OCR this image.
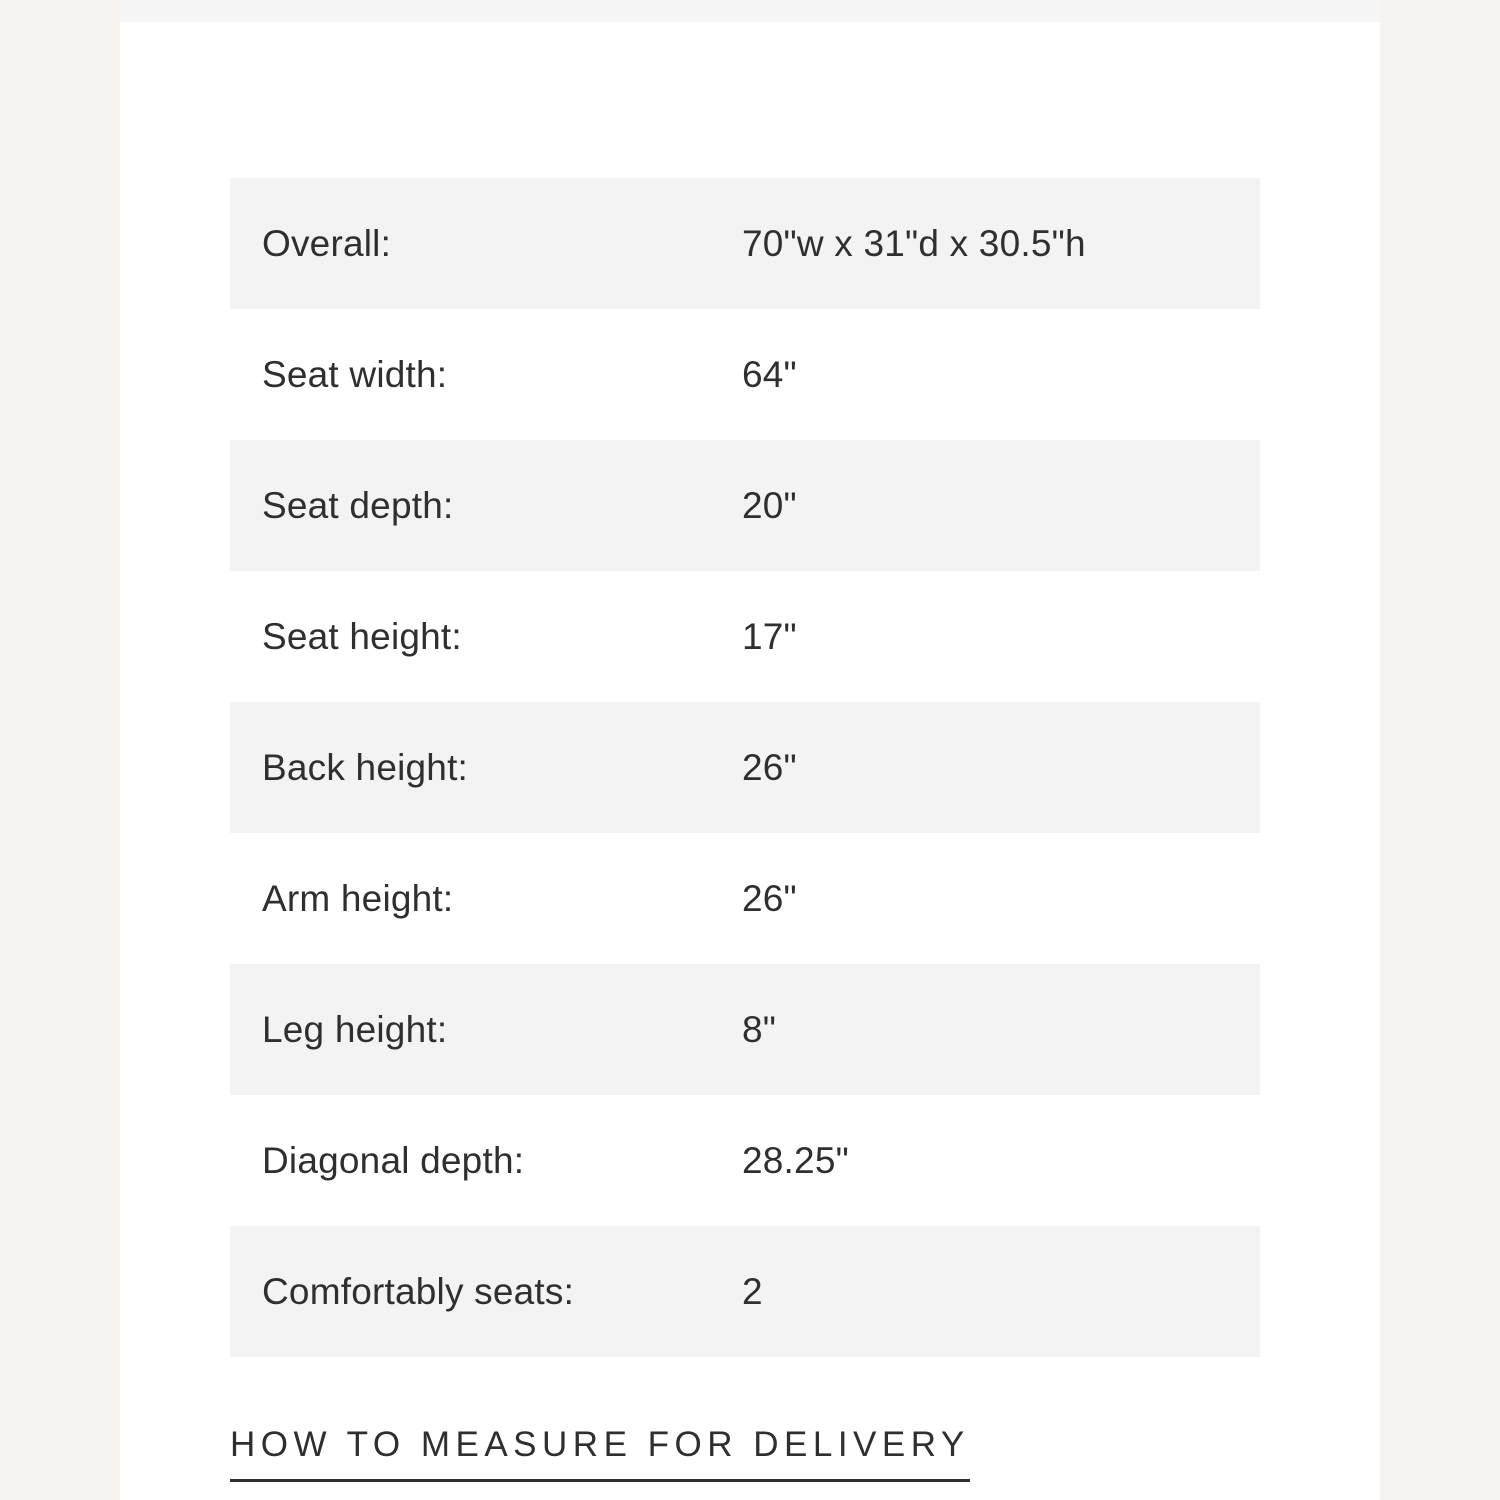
Overall:	70"w x 31"d x 30.5"h
Seat width:	64"
Seat depth:	20"
Seat height:	17"
Back height:	26"
Arm height:	26"
Leg height:	8"
Diagonal depth:	28.25"
Comfortably seats:	2
HOW TO MEASURE FOR DELIVERY
